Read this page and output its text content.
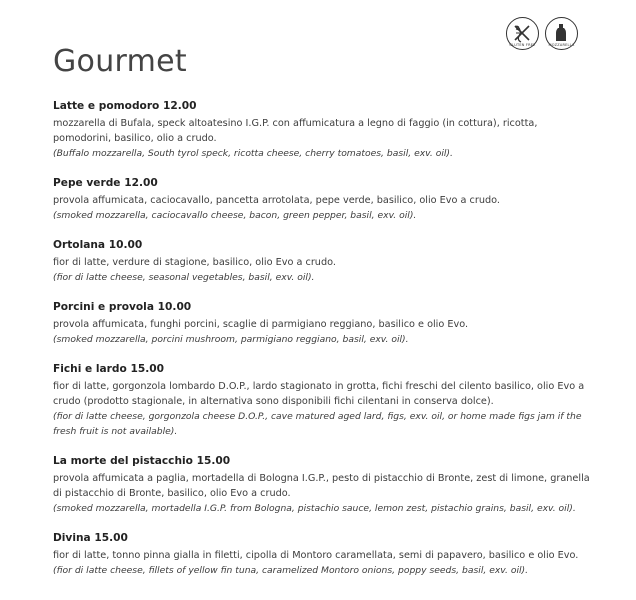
GLUTEN FREE	MOZZARELLA
Gourmet
Latte e pomodoro 12.00
mozzarella di Bufala, speck altoatesino I.G.P. con affumicatura a legno di faggio (in cottura), ricotta, pomodorini, basilico, olio a crudo.
(Buffalo mozzarella, South tyrol speck, ricotta cheese, cherry tomatoes, basil, exv. oil).
Pepe verde 12.00
provola affumicata, caciocavallo, pancetta arrotolata, pepe verde, basilico, olio Evo a crudo.
(smoked mozzarella, caciocavallo cheese, bacon, green pepper, basil, exv. oil).
Ortolana 10.00
fior di latte, verdure di stagione, basilico, olio Evo a crudo.
(fior di latte cheese, seasonal vegetables, basil, exv. oil).
Porcini e provola 10.00
provola affumicata, funghi porcini, scaglie di parmigiano reggiano, basilico e olio Evo.
(smoked mozzarella, porcini mushroom, parmigiano reggiano, basil, exv. oil).
Fichi e lardo 15.00
fior di latte, gorgonzola lombardo D.O.P., lardo stagionato in grotta, fichi freschi del cilento basilico, olio Evo a crudo (prodotto stagionale, in alternativa sono disponibili fichi cilentani in conserva dolce).
(fior di latte cheese, gorgonzola cheese D.O.P., cave matured aged lard, figs, exv. oil, or home made figs jam if the fresh fruit is not available).
La morte del pistacchio 15.00
provola affumicata a paglia, mortadella di Bologna I.G.P., pesto di pistacchio di Bronte, zest di limone, granella di pistacchio di Bronte, basilico, olio Evo a crudo.
(smoked mozzarella, mortadella I.G.P. from Bologna, pistachio sauce, lemon zest, pistachio grains, basil, exv. oil).
Divina 15.00
fior di latte, tonno pinna gialla in filetti, cipolla di Montoro caramellata, semi di papavero, basilico e olio Evo.
(fior di latte cheese, fillets of yellow fin tuna, caramelized Montoro onions, poppy seeds, basil, exv. oil).
